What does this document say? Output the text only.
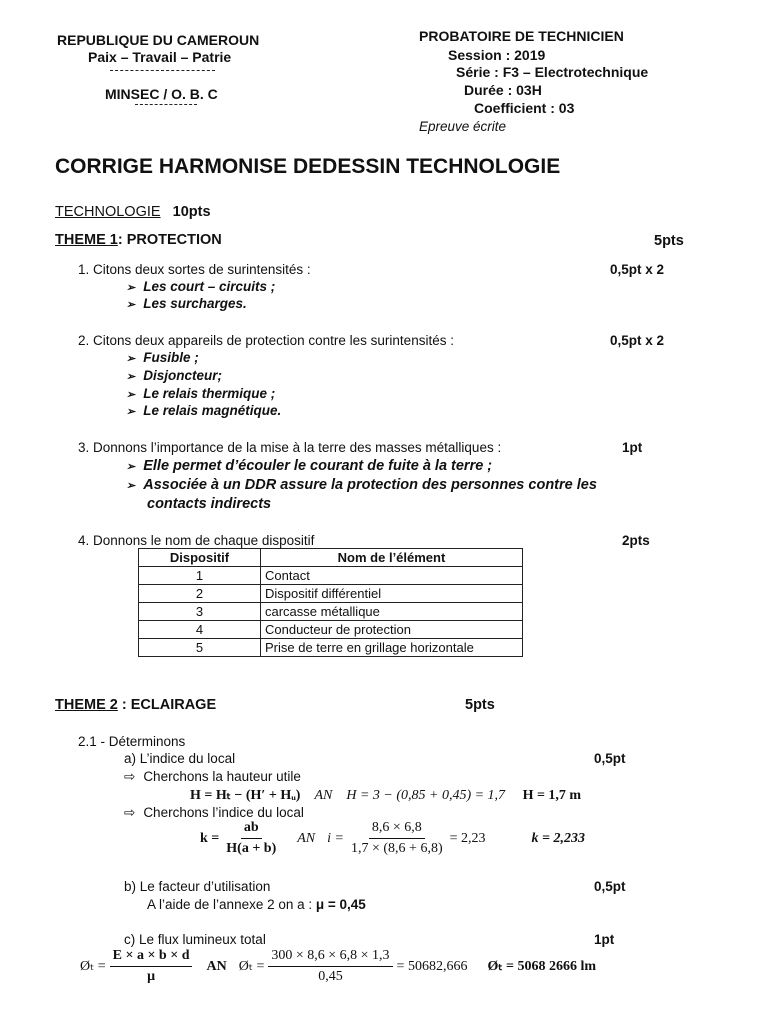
REPUBLIQUE DU CAMEROUN
Paix – Travail – Patrie
MINSEC / O. B. C
PROBATOIRE DE TECHNICIEN
Session : 2019
Série : F3 – Electrotechnique
Durée : 03H
Coefficient : 03
Epreuve écrite
CORRIGE HARMONISE DEDESSIN TECHNOLOGIE
TECHNOLOGIE 10pts
THEME 1: PROTECTION	5pts
1. Citons deux sortes de surintensités :	0,5pt x 2
➢ Les court – circuits ;
➢ Les surcharges.
2. Citons deux appareils de protection contre les surintensités :	0,5pt x 2
➢ Fusible ;
➢ Disjoncteur;
➢ Le relais thermique ;
➢ Le relais magnétique.
3. Donnons l’importance de la mise à la terre des masses métalliques :	1pt
➢ Elle permet d’écouler le courant de fuite à la terre ;
➢ Associée à un DDR assure la protection des personnes contre les
contacts indirects
4. Donnons le nom de chaque dispositif	2pts
Dispositif	Nom de l’élément
1	Contact
2	Dispositif différentiel
3	carcasse métallique
4	Conducteur de protection
5	Prise de terre en grillage horizontale
THEME 2 : ECLAIRAGE	5pts
2.1 - Déterminons
a) L’indice du local	0,5pt
⇨ Cherchons la hauteur utile
H = Hₜ − (H′ + Hᵤ) AN H = 3 − (0,85 + 0,45) = 1,7 H = 1,7 m
⇨ Cherchons l’indice du local
$k = \frac{ab}{H(a + b)}$ AN $i = \frac{8,6 \times 6,8}{1,7 \times (8,6 + 6,8)} = 2,23$	k = 2,233
b) Le facteur d’utilisation	0,5pt
A l’aide de l’annexe 2 on a : μ = 0,45
c) Le flux lumineux total	1pt
Øₜ = $\frac{E \times a \times b \times d}{\mu}$ AN Øₜ = $\frac{300 \times 8,6 \times 6,8 \times 1,3}{0,45} = 50682,666$ Øₜ = 5068 2666 lm
